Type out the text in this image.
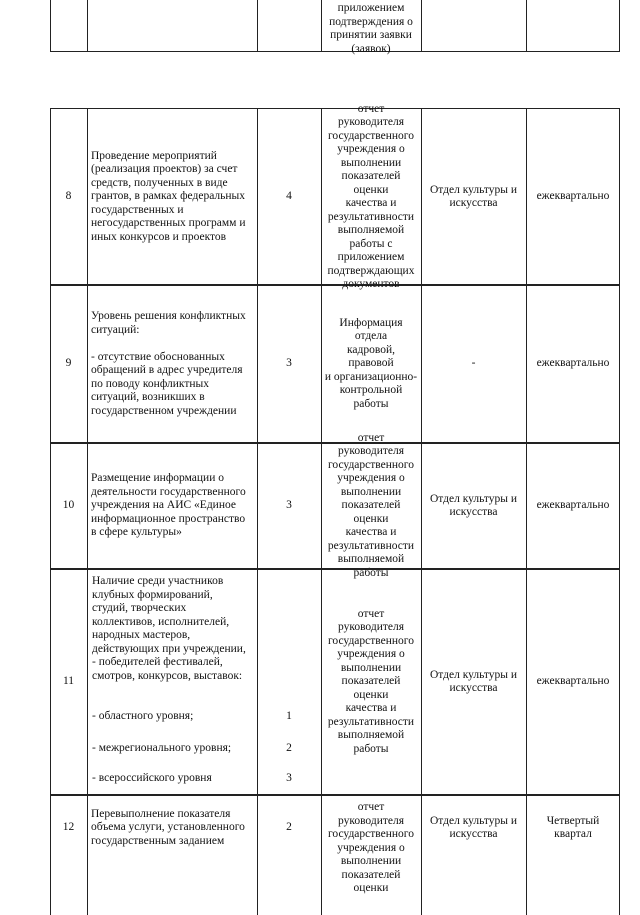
приложением
подтверждения о
принятии заявки
(заявок)
8
Проведение мероприятий
(реализация проектов) за счет
средств, полученных в виде
грантов, в рамках федеральных
государственных и
негосударственных программ и
иных конкурсов и проектов
4
отчет руководителя
государственного
учреждения о
выполнении
показателей оценки
качества и
результативности
выполняемой
работы с
приложением
подтверждающих
документов
Отдел культуры и
искусства
ежеквартально
9
Уровень решения конфликтных
ситуаций:

- отсутствие обоснованных
обращений в адрес учредителя
по поводу конфликтных
ситуаций, возникших в
государственном учреждении
3
Информация отдела
кадровой, правовой
и организационно-
контрольной
работы
-	ежеквартально
10
Размещение информации о
деятельности государственного
учреждения на АИС «Единое
информационное пространство
в сфере культуры»
3
отчет руководителя
государственного
учреждения о
выполнении
показателей оценки
качества и
результативности
выполняемой
работы
Отдел культуры и
искусства
ежеквартально
11
Наличие среди участников
клубных формирований,
студий, творческих
коллективов, исполнителей,
народных мастеров,
действующих при учреждении,
- победителей фестивалей,
смотров, конкурсов, выставок:
- областного уровня;
- межрегионального уровня;
- всероссийского уровня
1
2
3
отчет руководителя
государственного
учреждения о
выполнении
показателей оценки
качества и
результативности
выполняемой
работы
Отдел культуры и
искусства
ежеквартально
12
Перевыполнение показателя
объема услуги, установленного
государственным заданием
2
отчет руководителя
государственного
учреждения о
выполнении
показателей оценки
Отдел культуры и
искусства
Четвертый
квартал
